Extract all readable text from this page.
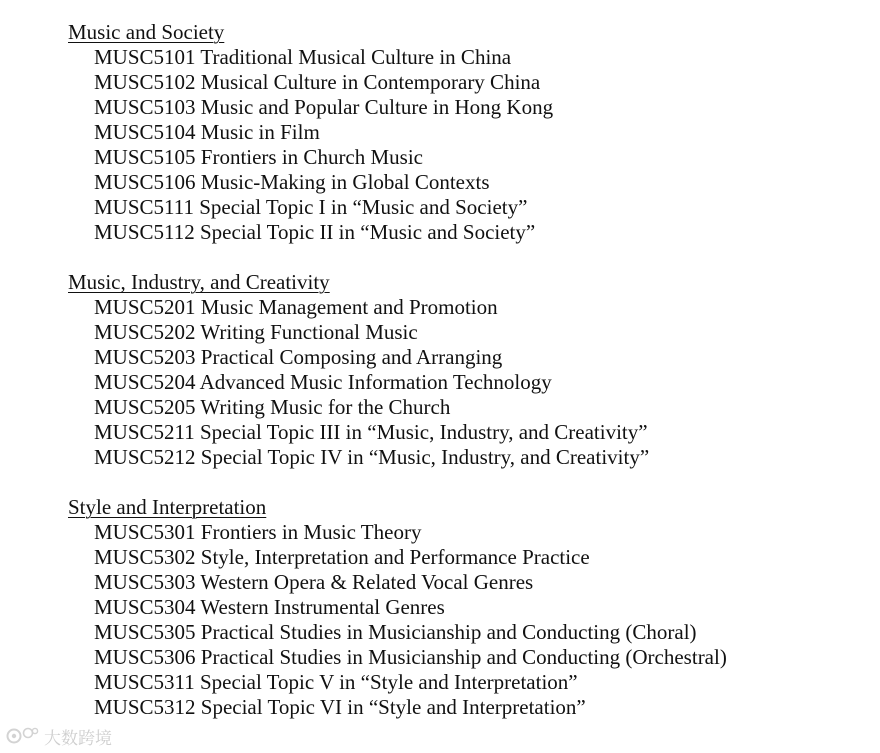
Music and Society
MUSC5101 Traditional Musical Culture in China
MUSC5102 Musical Culture in Contemporary China
MUSC5103 Music and Popular Culture in Hong Kong
MUSC5104 Music in Film
MUSC5105 Frontiers in Church Music
MUSC5106 Music-Making in Global Contexts
MUSC5111 Special Topic I in “Music and Society”
MUSC5112 Special Topic II in “Music and Society”
Music, Industry, and Creativity
MUSC5201 Music Management and Promotion
MUSC5202 Writing Functional Music
MUSC5203 Practical Composing and Arranging
MUSC5204 Advanced Music Information Technology
MUSC5205 Writing Music for the Church
MUSC5211 Special Topic III in “Music, Industry, and Creativity”
MUSC5212 Special Topic IV in “Music, Industry, and Creativity”
Style and Interpretation
MUSC5301 Frontiers in Music Theory
MUSC5302 Style, Interpretation and Performance Practice
MUSC5303 Western Opera & Related Vocal Genres
MUSC5304 Western Instrumental Genres
MUSC5305 Practical Studies in Musicianship and Conducting (Choral)
MUSC5306 Practical Studies in Musicianship and Conducting (Orchestral)
MUSC5311 Special Topic V in “Style and Interpretation”
MUSC5312 Special Topic VI in “Style and Interpretation”
大数跨境
